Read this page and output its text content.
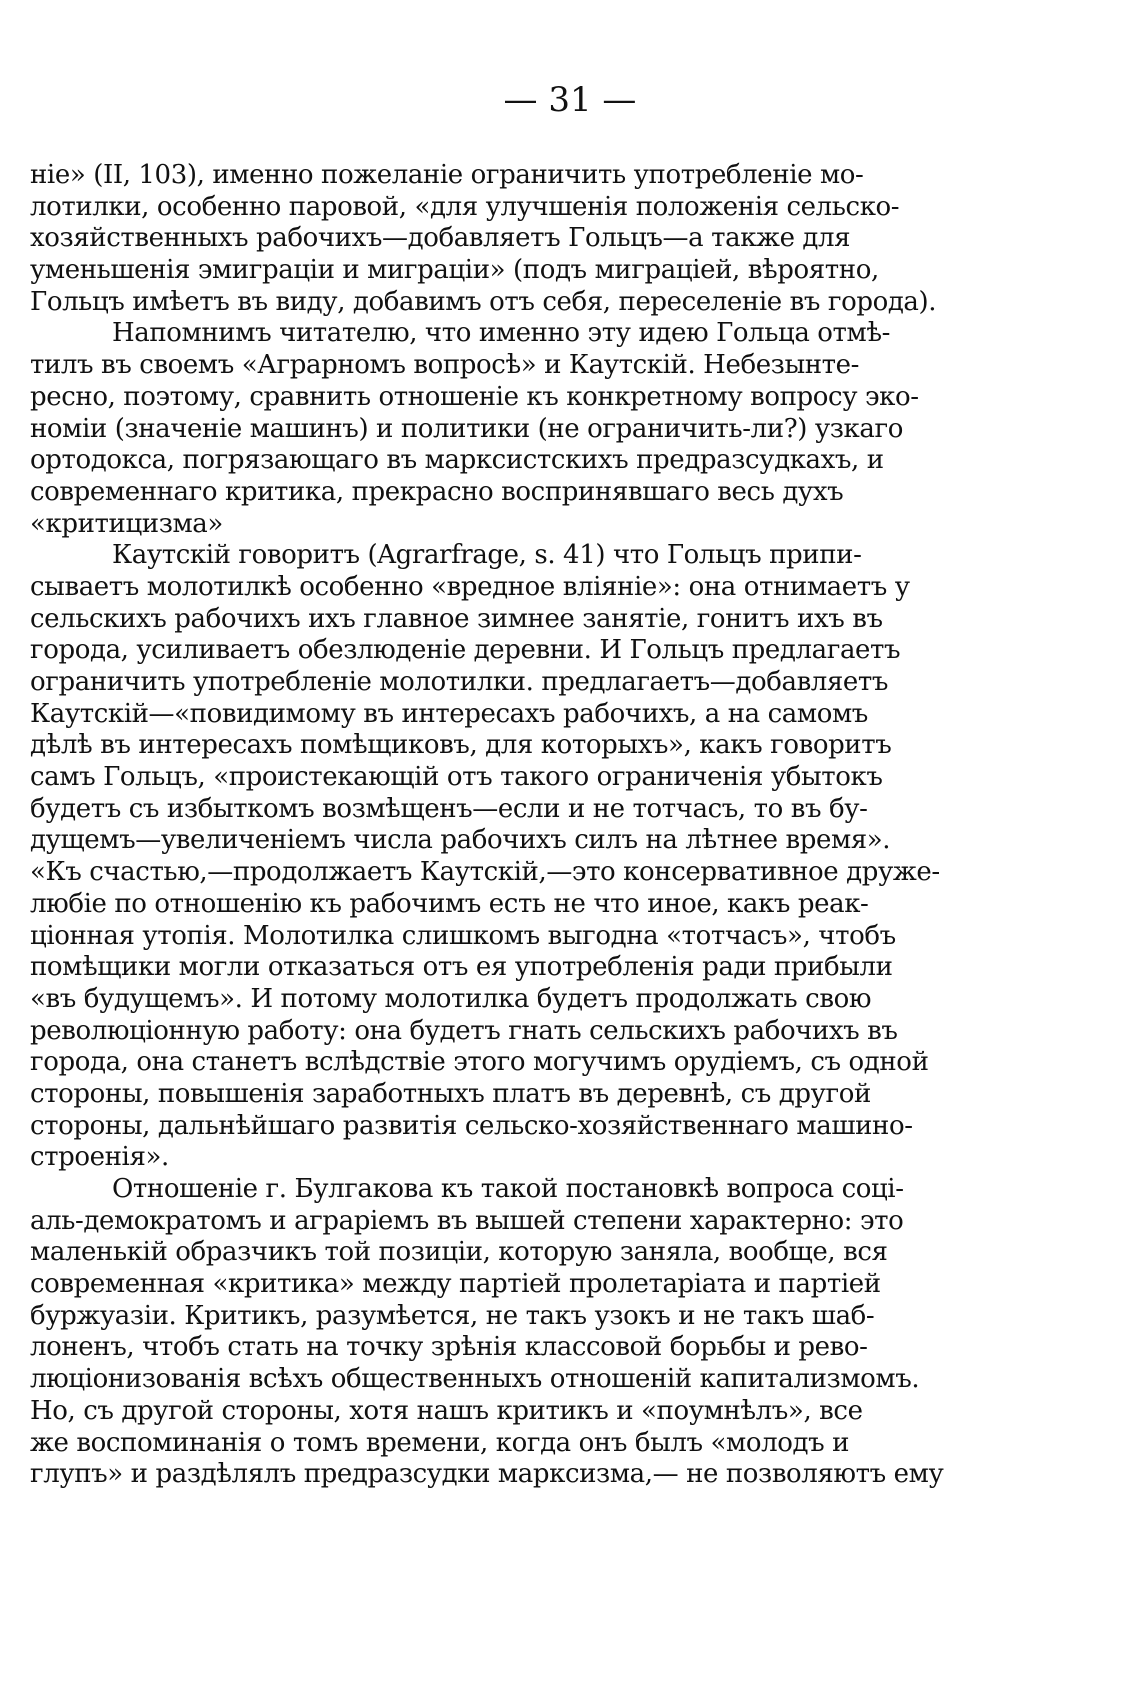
— 31 —
ніе» (II, 103), именно пожеланіе ограничить употребленіе мо-
лотилки, особенно паровой, «для улучшенія положенія сельско-
хозяйственныхъ рабочихъ—добавляетъ Гольцъ—а также для
уменьшенія эмиграціи и миграціи» (подъ миграціей, вѣроятно,
Гольцъ имѣетъ въ виду, добавимъ отъ себя, переселеніе въ города).
Напомнимъ читателю, что именно эту идею Гольца отмѣ-
тилъ въ своемъ «Аграрномъ вопросѣ» и Каутскій. Небезынте-
ресно, поэтому, сравнить отношеніе къ конкретному вопросу эко-
номіи (значеніе машинъ) и политики (не ограничить-ли?) узкаго
ортодокса, погрязающаго въ марксистскихъ предразсудкахъ, и
современнаго критика, прекрасно воспринявшаго весь духъ
«критицизма»
Каутскій говоритъ (Agrarfrage, s. 41) что Гольцъ припи-
сываетъ молотилкѣ особенно «вредное вліяніе»: она отнимаетъ у
сельскихъ рабочихъ ихъ главное зимнее занятіе, гонитъ ихъ въ
города, усиливаетъ обезлюденіе деревни. И Гольцъ предлагаетъ
ограничить употребленіе молотилки. предлагаетъ—добавляетъ
Каутскій—«повидимому въ интересахъ рабочихъ, а на самомъ
дѣлѣ въ интересахъ помѣщиковъ, для которыхъ», какъ говоритъ
самъ Гольцъ, «проистекающій отъ такого ограниченія убытокъ
будетъ съ избыткомъ возмѣщенъ—если и не тотчасъ, то въ бу-
дущемъ—увеличеніемъ числа рабочихъ силъ на лѣтнее время».
«Къ счастью,—продолжаетъ Каутскій,—это консервативное друже-
любіе по отношенію къ рабочимъ есть не что иное, какъ реак-
ціонная утопія. Молотилка слишкомъ выгодна «тотчасъ», чтобъ
помѣщики могли отказаться отъ ея употребленія ради прибыли
«въ будущемъ». И потому молотилка будетъ продолжать свою
революціонную работу: она будетъ гнать сельскихъ рабочихъ въ
города, она станетъ вслѣдствіе этого могучимъ орудіемъ, съ одной
стороны, повышенія заработныхъ платъ въ деревнѣ, съ другой
стороны, дальнѣйшаго развитія сельско-хозяйственнаго машино-
строенія».
Отношеніе г. Булгакова къ такой постановкѣ вопроса соці-
аль-демократомъ и аграріемъ въ вышей степени характерно: это
маленькій образчикъ той позиціи, которую заняла, вообще, вся
современная «критика» между партіей пролетаріата и партіей
буржуазіи. Критикъ, разумѣется, не такъ узокъ и не такъ шаб-
лоненъ, чтобъ стать на точку зрѣнія классовой борьбы и рево-
люціонизованія всѣхъ общественныхъ отношеній капитализмомъ.
Но, съ другой стороны, хотя нашъ критикъ и «поумнѣлъ», все
же воспоминанія о томъ времени, когда онъ былъ «молодъ и
глупъ» и раздѣлялъ предразсудки марксизма,— не позволяютъ ему
